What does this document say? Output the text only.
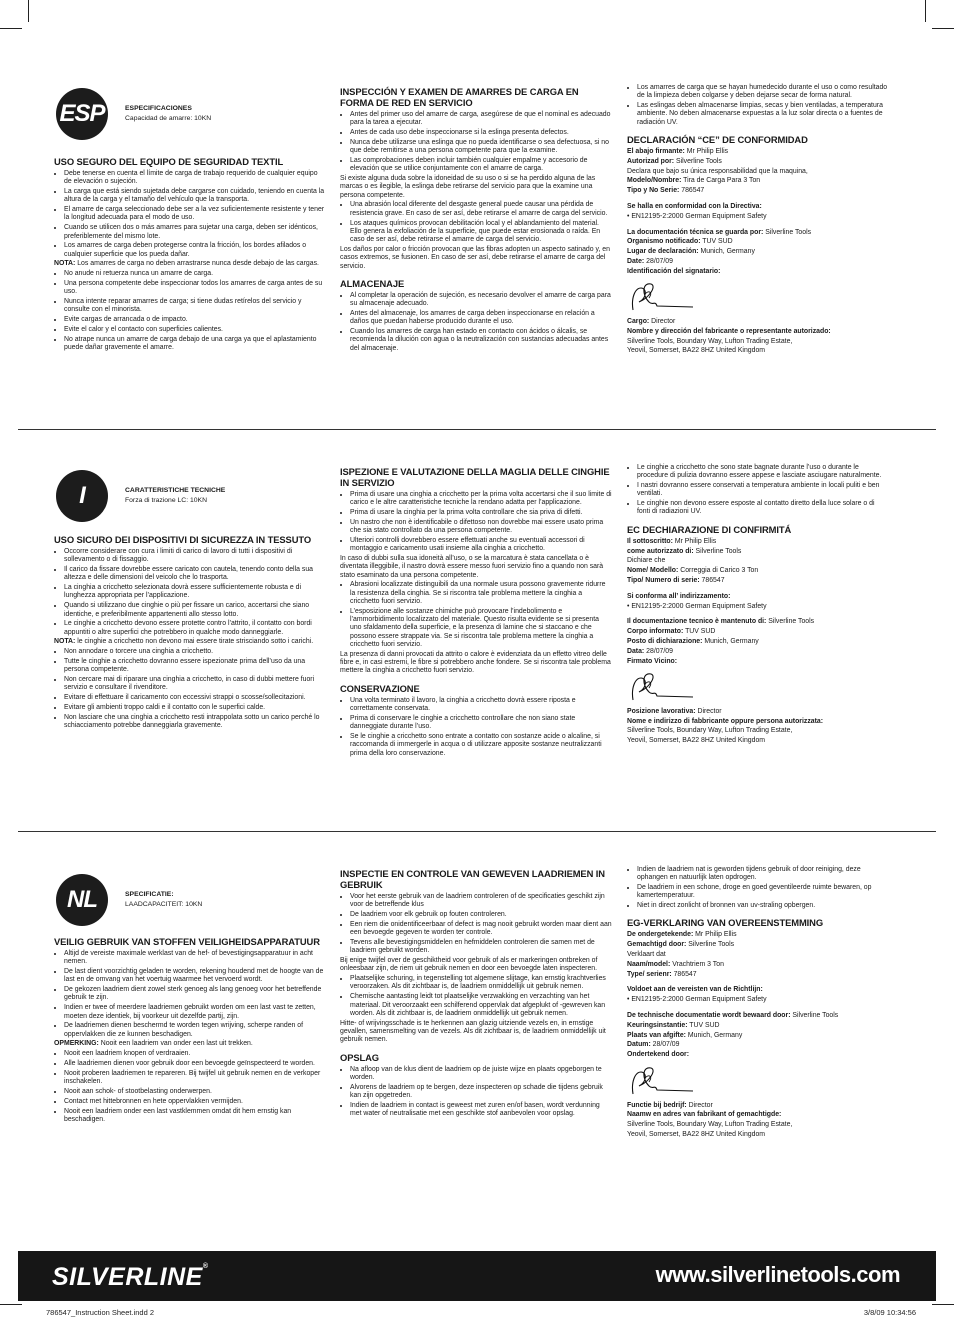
ESP	ESPECIFICACIONES
Capacidad de amarre: 10KN
USO SEGURO DEL EQUIPO DE SEGURIDAD TEXTIL
• Debe tenerse en cuenta el límite de carga de trabajo requerido de cualquier equipo de elevación o sujeción.
• La carga que está siendo sujetada debe cargarse con cuidado, teniendo en cuenta la altura de la carga y el tamaño del vehículo que la transporta.
• El amarre de carga seleccionado debe ser a la vez suficientemente resistente y tener la longitud adecuada para el modo de uso.
• Cuando se utilicen dos o más amarres para sujetar una carga, deben ser idénticos, preferiblemente del mismo lote.
• Los amarres de carga deben protegerse contra la fricción, los bordes afilados o cualquier superficie que los pueda dañar.

NOTA: Los amarres de carga no deben arrastrarse nunca desde debajo de las cargas.

• No anude ni retuerza nunca un amarre de carga.
• Una persona competente debe inspeccionar todos los amarres de carga antes de su uso.
• Nunca intente reparar amarres de carga; si tiene dudas retírelos del servicio y consulte con el minorista.
• Evite cargas de arrancada o de impacto.
• Evite el calor y el contacto con superficies calientes.
• No atrape nunca un amarre de carga debajo de una carga ya que el aplastamiento puede dañar gravemente el amarre.
INSPECCIÓN Y EXAMEN DE AMARRES DE CARGA EN FORMA DE RED EN SERVICIO
• Antes del primer uso del amarre de carga, asegúrese de que el nominal es adecuado para la tarea a ejecutar.
• Antes de cada uso debe inspeccionarse si la eslinga presenta defectos.
• Nunca debe utilizarse una eslinga que no pueda identificarse o sea defectuosa, si no que debe remitirse a una persona competente para que la examine.
• Las comprobaciones deben incluir también cualquier empalme y accesorio de elevación que se utilice conjuntamente con el amarre de carga.

Si existe alguna duda sobre la idoneidad de su uso o si se ha perdido alguna de las marcas o es ilegible, la eslinga debe retirarse del servicio para que la examine una persona competente.

• Una abrasión local diferente del desgaste general puede causar una pérdida de resistencia grave. En caso de ser así, debe retirarse el amarre de carga del servicio.
• Los ataques químicos provocan debilitación local y el ablandamiento del material. Ello genera la exfoliación de la superficie, que puede estar erosionada o raída. En caso de ser así, debe retirarse el amarre de carga del servicio.

Los daños por calor o fricción provocan que las fibras adopten un aspecto satinado y, en casos extremos, se fusionen. En caso de ser así, debe retirarse el amarre de carga del servicio.

ALMACENAJE
• Al completar la operación de sujeción, es necesario devolver el amarre de carga para su almacenaje adecuado.
• Antes del almacenaje, los amarres de carga deben inspeccionarse en relación a daños que puedan haberse producido durante el uso.
• Cuando los amarres de carga han estado en contacto con ácidos o álcalis, se recomienda la dilución con agua o la neutralización con sustancias adecuadas antes del almacenaje.
• Los amarres de carga que se hayan humedecido durante el uso o como resultado de la limpieza deben colgarse y deben dejarse secar de forma natural.
• Las eslingas deben almacenarse limpias, secas y bien ventiladas, a temperatura ambiente. No deben almacenarse expuestas a la luz solar directa o a fuentes de radiación UV.
DECLARACIÓN “CE” DE CONFORMIDAD

El abajo firmante: Mr Philip Ellis

Autorizad por: Silverline Tools

Declara que bajo su única responsabilidad que la maquina,

Modelo/Nombre: Tira de Carga Para 3 Ton

Tipo y No Serie: 786547

Se halla en conformidad con la Directiva:

• EN12195-2:2000 German Equipment Safety

La documentación técnica se guarda por: Silverline Tools

Organismo notificado: TUV SUD

Lugar de declaración: Munich, Germany

Date: 28/07/09

Identificación del signatario:

Cargo: Director

Nombre y dirección del fabricante o representante autorizado:

Silverline Tools, Boundary Way, Lufton Trading Estate,

Yeovil, Somerset, BA22 8HZ United Kingdom

I	CARATTERISTICHE TECNICHE
Forza di trazione LC: 10KN
USO SICURO DEI DISPOSITIVI DI SICUREZZA IN TESSUTO
• Occorre considerare con cura i limiti di carico di lavoro di tutti i dispositivi di sollevamento o di fissaggio.
• Il carico da fissare dovrebbe essere caricato con cautela, tenendo conto della sua altezza e delle dimensioni del veicolo che lo trasporta.
• La cinghia a cricchetto selezionata dovrà essere sufficientemente robusta e di lunghezza appropriata per l’applicazione.
• Quando si utilizzano due cinghie o più per fissare un carico, accertarsi che siano identiche, e preferibilmente appartenenti allo stesso lotto.
• Le cinghie a cricchetto devono essere protette contro l’attrito, il contatto con bordi appuntiti o altre superfici che potrebbero in qualche modo danneggiarle.

NOTA: le cinghie a cricchetto non devono mai essere tirate strisciando sotto i carichi.

• Non annodare o torcere una cinghia a cricchetto.
• Tutte le cinghie a cricchetto dovranno essere ispezionate prima dell’uso da una persona competente.
• Non cercare mai di riparare una cinghia a cricchetto, in caso di dubbi mettere fuori servizio e consultare il rivenditore.
• Evitare di effettuare il caricamento con eccessivi strappi o scosse/sollecitazioni.
• Evitare gli ambienti troppo caldi e il contatto con le superfici calde.
• Non lasciare che una cinghia a cricchetto resti intrappolata sotto un carico perché lo schiacciamento potrebbe danneggiarla gravemente.
ISPEZIONE E VALUTAZIONE DELLA MAGLIA DELLE CINGHIE IN SERVIZIO
• Prima di usare una cinghia a cricchetto per la prima volta accertarsi che il suo limite di carico e le altre caratteristiche tecniche la rendano adatta per l’applicazione.
• Prima di usare la cinghia per la prima volta controllare che sia priva di difetti.
• Un nastro che non è identificabile o difettoso non dovrebbe mai essere usato prima che sia stato controllato da una persona competente.
• Ulteriori controlli dovrebbero essere effettuati anche su eventuali accessori di montaggio e caricamento usati insieme alla cinghia a cricchetto.

In caso di dubbi sulla sua idoneità all’uso, o se la marcatura è stata cancellata o è diventata illeggibile, il nastro dovrà essere messo fuori servizio fino a quando non sarà stato esaminato da una persona competente.

• Abrasioni localizzate distinguibili da una normale usura possono gravemente ridurre la resistenza della cinghia. Se si riscontra tale problema mettere la cinghia a cricchetto fuori servizio.
• L’esposizione alle sostanze chimiche può provocare l’indebolimento e l’ammorbidimento localizzato del materiale. Questo risulta evidente se si presenta uno sfaldamento della superficie, e la presenza di lamine che si staccano e che possono essere strappate via. Se si riscontra tale problema mettere la cinghia a cricchetto fuori servizio.

La presenza di danni provocati da attrito o calore è evidenziata da un effetto vitreo delle fibre e, in casi estremi, le fibre si potrebbero anche fondere. Se si riscontra tale problema mettere la cinghia a cricchetto fuori servizio.

CONSERVAZIONE
• Una volta terminato il lavoro, la cinghia a cricchetto dovrà essere riposta e correttamente conservata.
• Prima di conservare le cinghie a cricchetto controllare che non siano state danneggiate durante l’uso.
• Se le cinghie a cricchetto sono entrate a contatto con sostanze acide o alcaline, si raccomanda di immergerle in acqua o di utilizzare apposite sostanze neutralizzanti prima della loro conservazione.
• Le cinghie a cricchetto che sono state bagnate durante l’uso o durante le procedure di pulizia dovranno essere appese e lasciate asciugare naturalmente.
• I nastri dovranno essere conservati a temperatura ambiente in locali puliti e ben ventilati.
• Le cinghie non devono essere esposte al contatto diretto della luce solare o di fonti di radiazioni UV.
EC DECHIARAZIONE DI CONFIRMITÁ

Il sottoscritto: Mr Philip Ellis

come autorizzato di: Silverline Tools

Dichiare che

Nome/ Modello: Correggia di Carico 3 Ton

Tipo/ Numero di serie: 786547

Si conforma all’ indirizzamento:

• EN12195-2:2000 German Equipment Safety

Il documentazione tecnico è mantenuto di: Silverline Tools

Corpo informato: TUV SUD

Posto di dichiarazione: Munich, Germany

Data: 28/07/09

Firmato Vicino:

Posizione lavorativa: Director

Nome e indirizzo di fabbricante oppure persona autorizzata:

Silverline Tools, Boundary Way, Lufton Trading Estate,

Yeovil, Somerset, BA22 8HZ United Kingdom

NL	SPECIFICATIE:
LAADCAPACITEIT: 10KN
VEILIG GEBRUIK VAN STOFFEN VEILIGHEIDSAPPARATUUR
• Altijd de vereiste maximale werklast van de hef- of bevestigingsapparatuur in acht nemen.
• De last dient voorzichtig geladen te worden, rekening houdend met de hoogte van de last en de omvang van het voertuig waarmee het vervoerd wordt.
• De gekozen laadriem dient zowel sterk genoeg als lang genoeg voor het betreffende gebruik te zijn.
• Indien er twee of meerdere laadriemen gebruikt worden om een last vast te zetten, moeten deze identiek, bij voorkeur uit dezelfde partij, zijn.
• De laadriemen dienen beschermd te worden tegen wrijving, scherpe randen of oppervlakken die ze kunnen beschadigen.

OPMERKING: Nooit een laadriem van onder een last uit trekken.

• Nooit een laadriem knopen of verdraaien.
• Alle laadriemen dienen voor gebruik door een bevoegde geïnspecteerd te worden.
• Nooit proberen laadriemen te repareren. Bij twijfel uit gebruik nemen en de verkoper inschakelen.
• Nooit aan schok- of stootbelasting onderwerpen.
• Contact met hittebronnen en hete oppervlakken vermijden.
• Nooit een laadriem onder een last vastklemmen omdat dit hem ernstig kan beschadigen.
INSPECTIE EN CONTROLE VAN GEWEVEN LAADRIEMEN IN GEBRUIK
• Voor het eerste gebruik van de laadriem controleren of de specificaties geschikt zijn voor de betreffende klus
• De laadriem voor elk gebruik op fouten controleren.
• Een riem die onidentificeerbaar of defect is mag nooit gebruikt worden maar dient aan een bevoegde gegeven te worden ter controle.
• Tevens alle bevestigingsmiddelen en hefmiddelen controleren die samen met de laadriem gebruikt worden.

Bij enige twijfel over de geschiktheid voor gebruik of als er markeringen ontbreken of onleesbaar zijn, de riem uit gebruik nemen en door een bevoegde laten inspecteren.

• Plaatselijke schuring, in tegenstelling tot algemene slijtage, kan ernstig krachtverlies veroorzaken. Als dit zichtbaar is, de laadriem onmiddellijk uit gebruik nemen.
• Chemische aantasting leidt tot plaatselijke verzwakking en verzachting van het materiaal. Dit veroorzaakt een schilferend oppervlak dat afgeplukt of -gewreven kan worden. Als dit zichtbaar is, de laadriem onmiddellijk uit gebruik nemen.

Hitte- of wrijvingsschade is te herkennen aan glazig uitziende vezels en, in ernstige gevallen, samensmelting van de vezels. Als dit zichtbaar is, de laadriem onmiddellijk uit gebruik nemen.

OPSLAG
• Na afloop van de klus dient de laadriem op de juiste wijze en plaats opgeborgen te worden.
• Alvorens de laadriem op te bergen, deze inspecteren op schade die tijdens gebruik kan zijn opgetreden.
• Indien de laadriem in contact is geweest met zuren en/of basen, wordt verdunning met water of neutralisatie met een geschikte stof aanbevolen voor opslag.
• Indien de laadriem nat is geworden tijdens gebruik of door reiniging, deze ophangen en natuurlijk laten opdrogen.
• De laadriem in een schone, droge en goed geventileerde ruimte bewaren, op kamertemperatuur.
• Niet in direct zonlicht of bronnen van uv-straling opbergen.
EG-VERKLARING VAN OVEREENSTEMMING

De ondergetekende: Mr Philip Ellis

Gemachtigd door: Silverline Tools

Verklaart dat

Naam/model: Vrachtriem 3 Ton

Type/ serienr: 786547

Voldoet aan de vereisten van de Richtlijn:

• EN12195-2:2000 German Equipment Safety

De technische documentatie wordt bewaard door: Silverline Tools

Keuringsinstantie: TUV SUD

Plaats van afgifte: Munich, Germany

Datum: 28/07/09

Ondertekend door:

Functie bij bedrijf: Director

Naamw en adres van fabrikant of gemachtigde:

Silverline Tools, Boundary Way, Lufton Trading Estate,

Yeovil, Somerset, BA22 8HZ United Kingdom

SILVERLINE®	www.silverlinetools.com
786547_Instruction Sheet.indd 2	3/8/09 10:34:56
